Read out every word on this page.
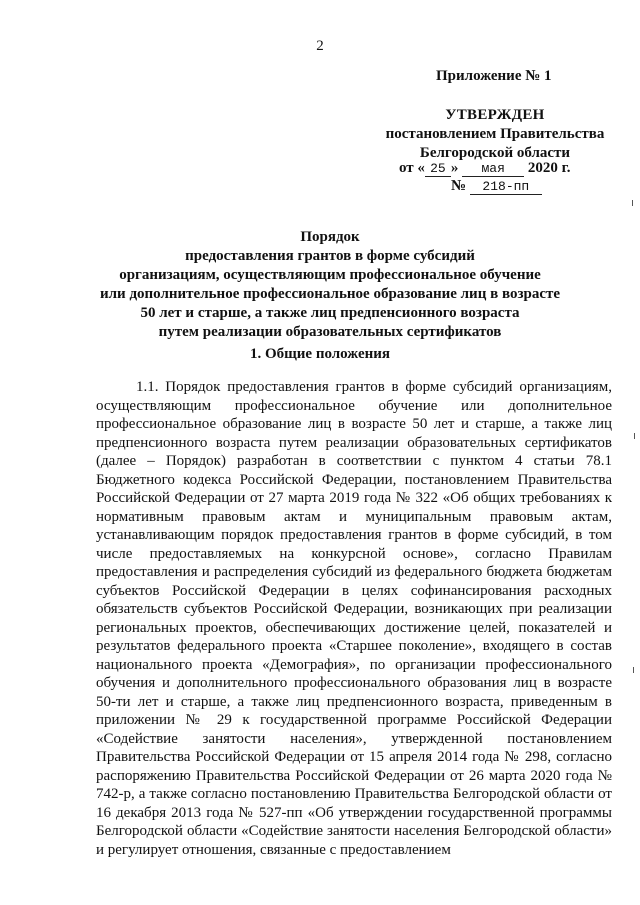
2
Приложение № 1
УТВЕРЖДЕН
постановлением Правительства
Белгородской области
от « 25 » мая 2020 г.
№ 218-пп
Порядок
предоставления грантов в форме субсидий
организациям, осуществляющим профессиональное обучение
или дополнительное профессиональное образование лиц в возрасте
50 лет и старше, а также лиц предпенсионного возраста
путем реализации образовательных сертификатов
1. Общие положения

1.1. Порядок предоставления грантов в форме субсидий организациям, осуществляющим профессиональное обучение или дополнительное профессиональное образование лиц в возрасте 50 лет и старше, а также лиц предпенсионного возраста путем реализации образовательных сертификатов (далее – Порядок) разработан в соответствии с пунктом 4 статьи 78.1 Бюджетного кодекса Российской Федерации, постановлением Правительства Российской Федерации от 27 марта 2019 года № 322 «Об общих требованиях к нормативным правовым актам и муниципальным правовым актам, устанавливающим порядок предоставления грантов в форме субсидий, в том числе предоставляемых на конкурсной основе», согласно Правилам предоставления и распределения субсидий из федерального бюджета бюджетам субъектов Российской Федерации в целях софинансирования расходных обязательств субъектов Российской Федерации, возникающих при реализации региональных проектов, обеспечивающих достижение целей, показателей и результатов федерального проекта «Старшее поколение», входящего в состав национального проекта «Демография», по организации профессионального обучения и дополнительного профессионального образования лиц в возрасте 50-ти лет и старше, а также лиц предпенсионного возраста, приведенным в приложении № 29 к государственной программе Российской Федерации «Содействие занятости населения», утвержденной постановлением Правительства Российской Федерации от 15 апреля 2014 года № 298, согласно распоряжению Правительства Российской Федерации от 26 марта 2020 года № 742-р, а также согласно постановлению Правительства Белгородской области от 16 декабря 2013 года № 527-пп «Об утверждении государственной программы Белгородской области «Содействие занятости населения Белгородской области» и регулирует отношения, связанные с предоставлением
